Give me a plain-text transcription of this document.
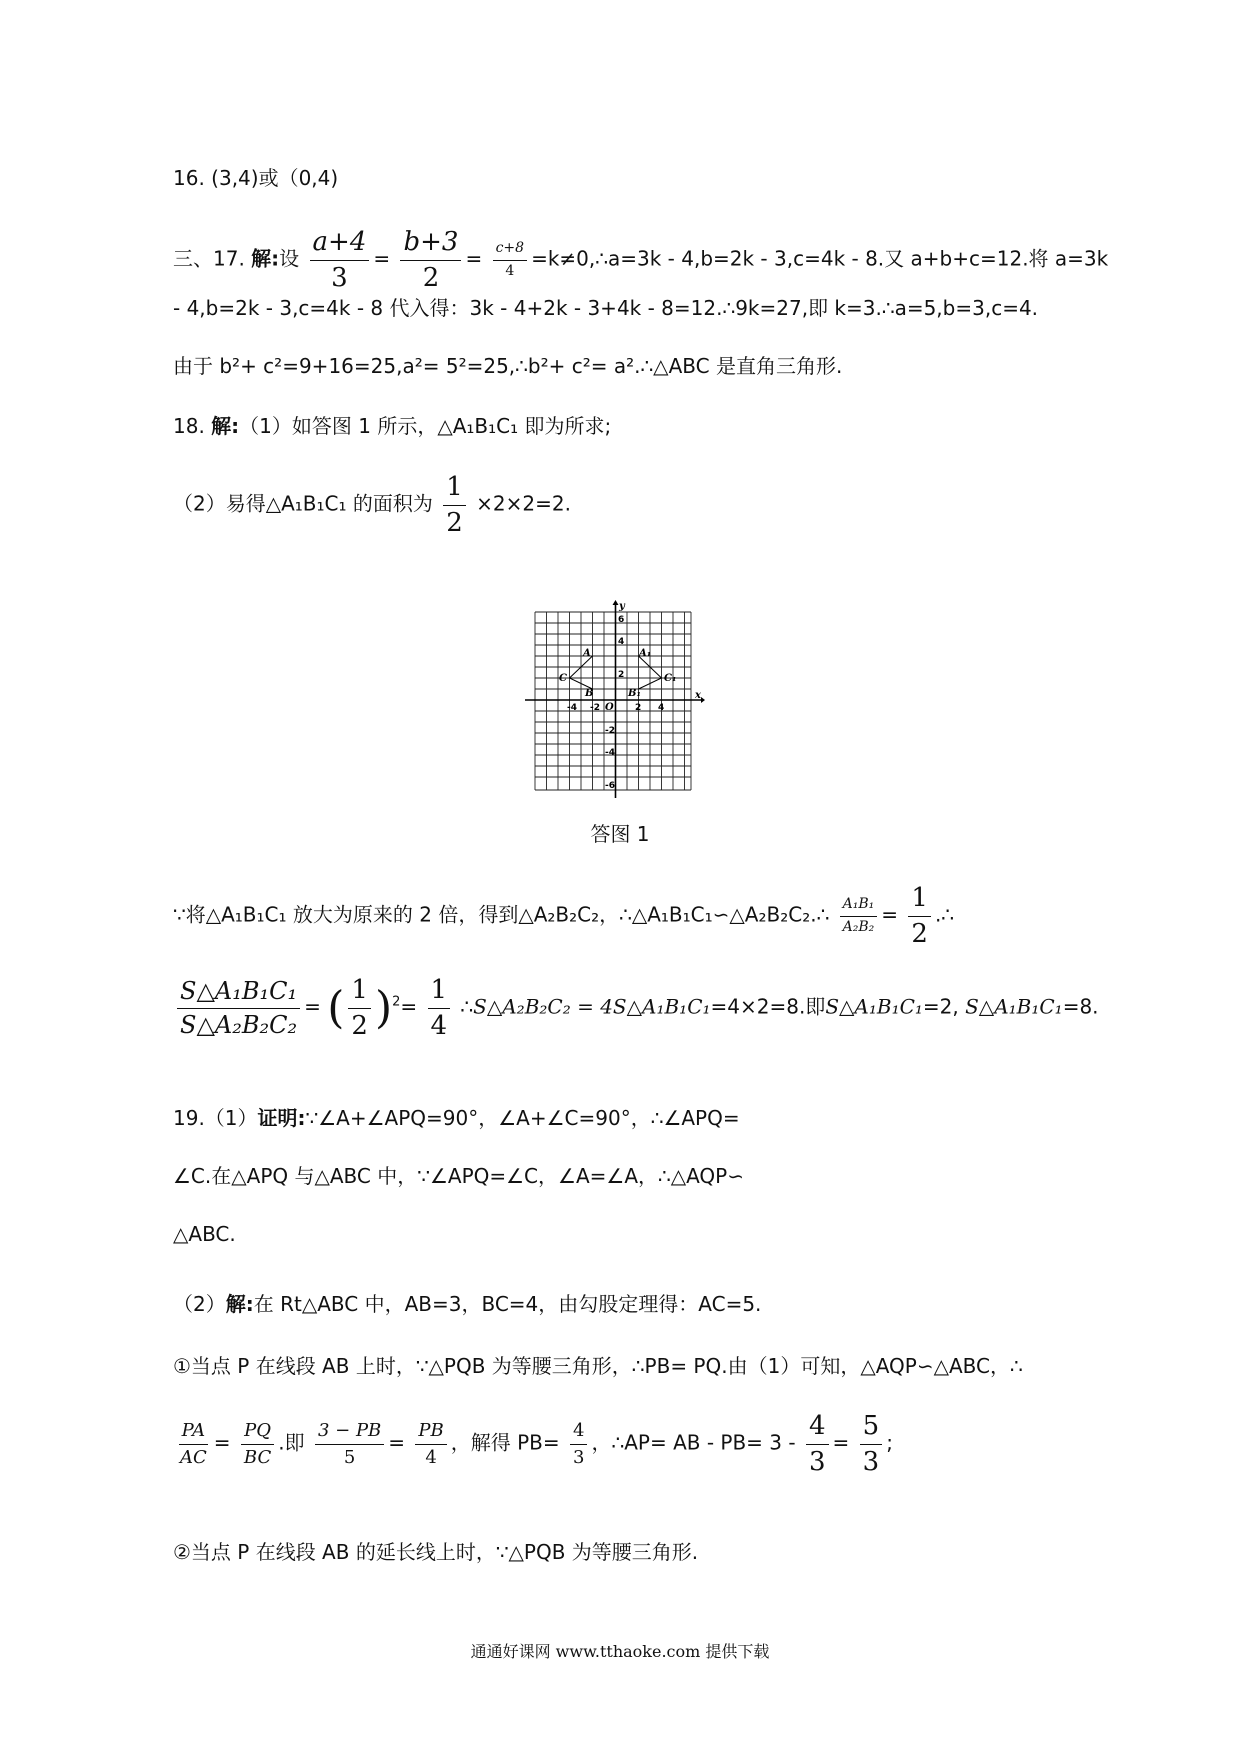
16. (3,4)或（0,4)
三、17. 解:设 $\frac{a+4}{3} = \frac{b+3}{2} = \frac{c+8}{4}$ =k≠0,∴a=3k - 4,b=2k - 3,c=4k - 8.又 a+b+c=12.将 a=3k
- 4,b=2k - 3,c=4k - 8 代入得：3k - 4+2k - 3+4k - 8=12.∴9k=27,即 k=3.∴a=5,b=3,c=4.
由于 b²+ c²=9+16=25,a²= 5²=25,∴b²+ c²= a².∴△ABC 是直角三角形.
18. 解:（1）如答图 1 所示，△A₁B₁C₁ 即为所求;
（2）易得△A₁B₁C₁ 的面积为 $\frac{1}{2} \times 2\times 2=2$.
y
x
O
A	A₁
C	C₁
B	B₁
-4 -2	2 4
6
4
2
-2
-4
-6
答图 1
∵将△A₁B₁C₁ 放大为原来的 2 倍，得到△A₂B₂C₂，∴△A₁B₁C₁∽△A₂B₂C₂.∴ $\frac{\text{A₁B₁}}{\text{A₂B₂}} = \frac{1}{2}$ .∴
$\frac{\text{S△A₁B₁C₁}}{\text{S△A₂B₂C₂}}$ = ( $\frac{1}{2} )^2= \frac{1}{4}$ ∴S△A₂B₂C₂ = 4S△A₁B₁C₁=4×2=8.即S△A₁B₁C₁=2, S△A₁B₁C₁=8.
19.（1）证明:∵∠A+∠APQ=90°，∠A+∠C=90°，∴∠APQ=
∠C.在△APQ 与△ABC 中，∵∠APQ=∠C，∠A=∠A，∴△AQP∽
△ABC.
（2）解:在 Rt△ABC 中，AB=3，BC=4，由勾股定理得：AC=5.
①当点 P 在线段 AB 上时，∵△PQB 为等腰三角形，∴PB= PQ.由（1）可知，△AQP∽△ABC，∴
$\frac{PA}{AC} = \frac{PQ}{BC}$ .即 $\frac{3 - PB}{5} = \frac{PB}{4}$ ，解得 $PB= \frac{4}{3}$ ，∴AP= AB - $PB= 3 - \frac{4}{3} = \frac{5}{3}$ ;
②当点 P 在线段 AB 的延长线上时，∵△PQB 为等腰三角形.
通通好课网 www.tthaoke.com 提供下载
